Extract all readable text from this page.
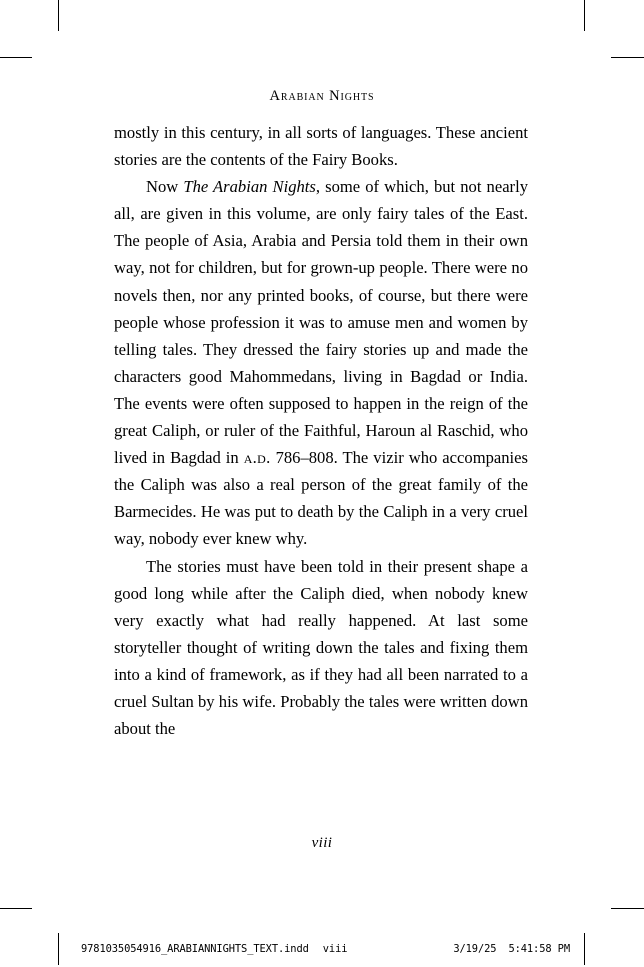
Arabian Nights

mostly in this century, in all sorts of languages. These ancient stories are the contents of the Fairy Books.

Now The Arabian Nights, some of which, but not nearly all, are given in this volume, are only fairy tales of the East. The people of Asia, Arabia and Persia told them in their own way, not for children, but for grown-up people. There were no novels then, nor any printed books, of course, but there were people whose profession it was to amuse men and women by telling tales. They dressed the fairy stories up and made the characters good Mahommedans, living in Bagdad or India. The events were often supposed to happen in the reign of the great Caliph, or ruler of the Faithful, Haroun al Raschid, who lived in Bagdad in a.d. 786–808. The vizir who accompanies the Caliph was also a real person of the great family of the Barmecides. He was put to death by the Caliph in a very cruel way, nobody ever knew why.

The stories must have been told in their present shape a good long while after the Caliph died, when nobody knew very exactly what had really happened. At last some storyteller thought of writing down the tales and fixing them into a kind of framework, as if they had all been narrated to a cruel Sultan by his wife. Probably the tales were written down about the

viii
9781035054916_ARABIANNIGHTS_TEXT.indd viii	3/19/25 5:41:58 PM
